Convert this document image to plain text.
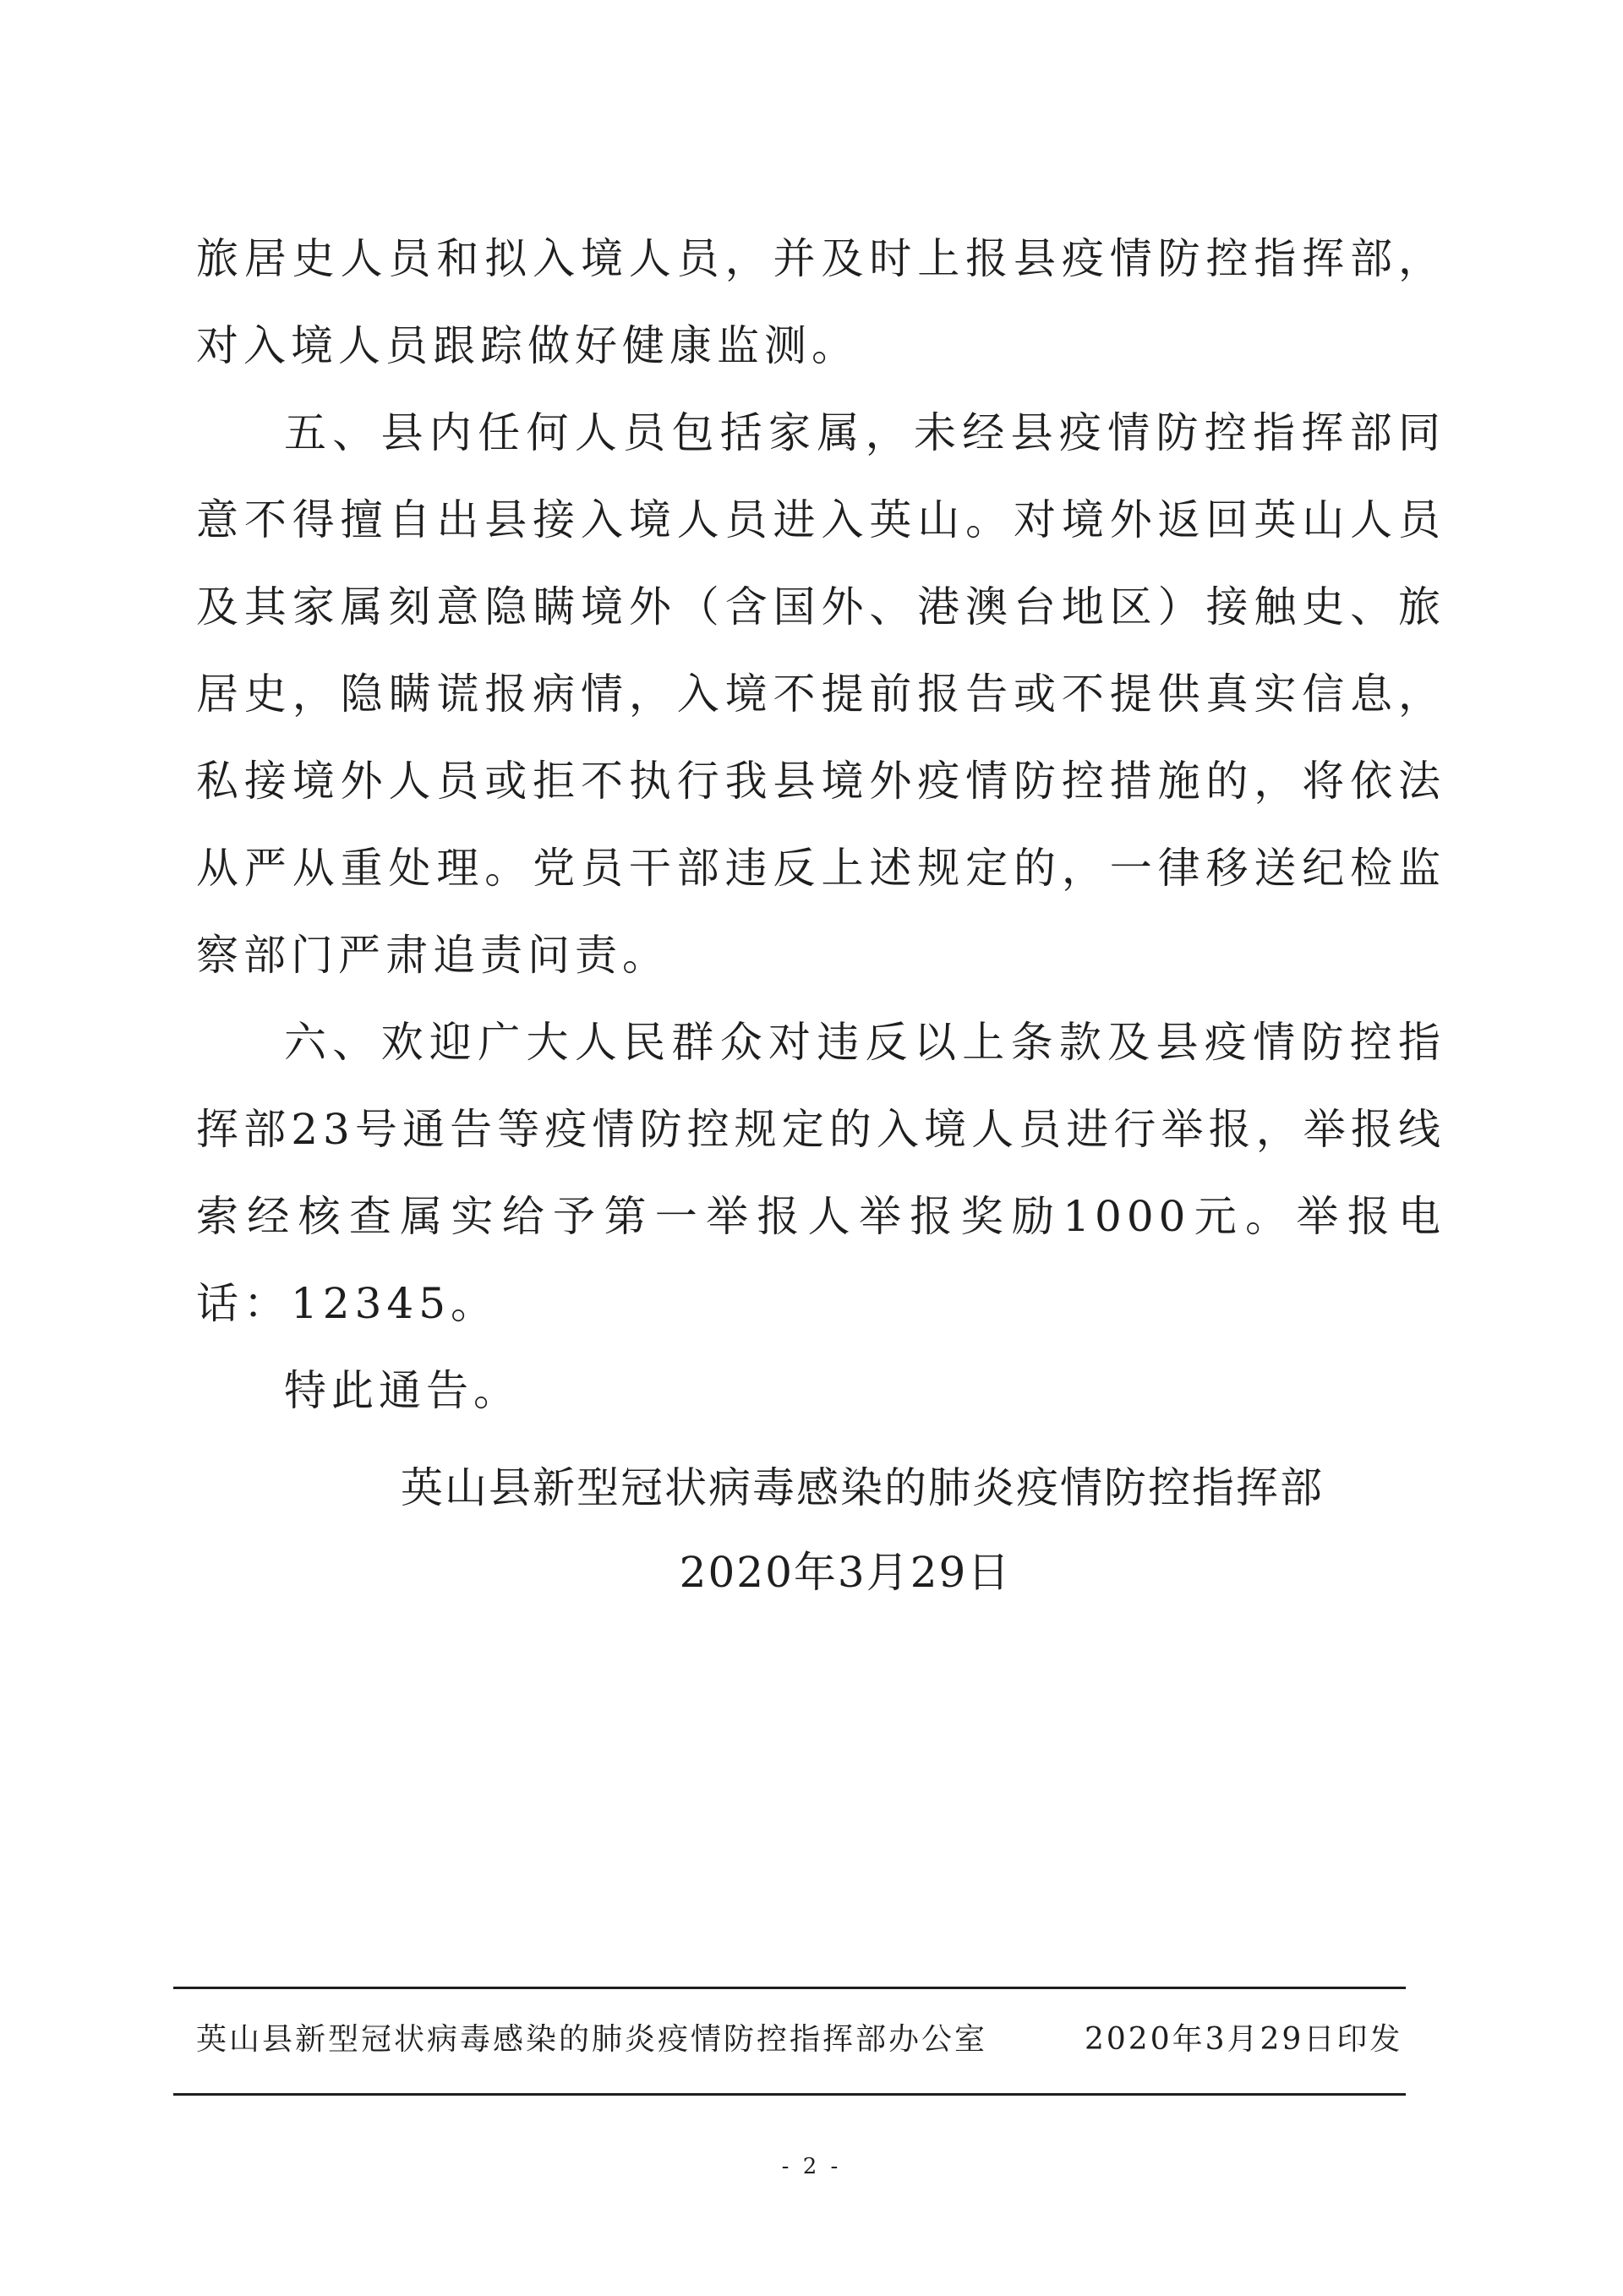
旅居史人员和拟入境人员，并及时上报县疫情防控指挥部，对入境人员跟踪做好健康监测。

五、县内任何人员包括家属，未经县疫情防控指挥部同意不得擅自出县接入境人员进入英山。对境外返回英山人员及其家属刻意隐瞒境外（含国外、港澳台地区）接触史、旅居史，隐瞒谎报病情，入境不提前报告或不提供真实信息，私接境外人员或拒不执行我县境外疫情防控措施的，将依法从严从重处理。党员干部违反上述规定的，一律移送纪检监察部门严肃追责问责。

六、欢迎广大人民群众对违反以上条款及县疫情防控指挥部23号通告等疫情防控规定的入境人员进行举报，举报线索经核查属实给予第一举报人举报奖励1000元。举报电话：12345。

特此通告。

英山县新型冠状病毒感染的肺炎疫情防控指挥部
2020年3月29日
英山县新型冠状病毒感染的肺炎疫情防控指挥部办公室	2020年3月29日印发
- 2 -
